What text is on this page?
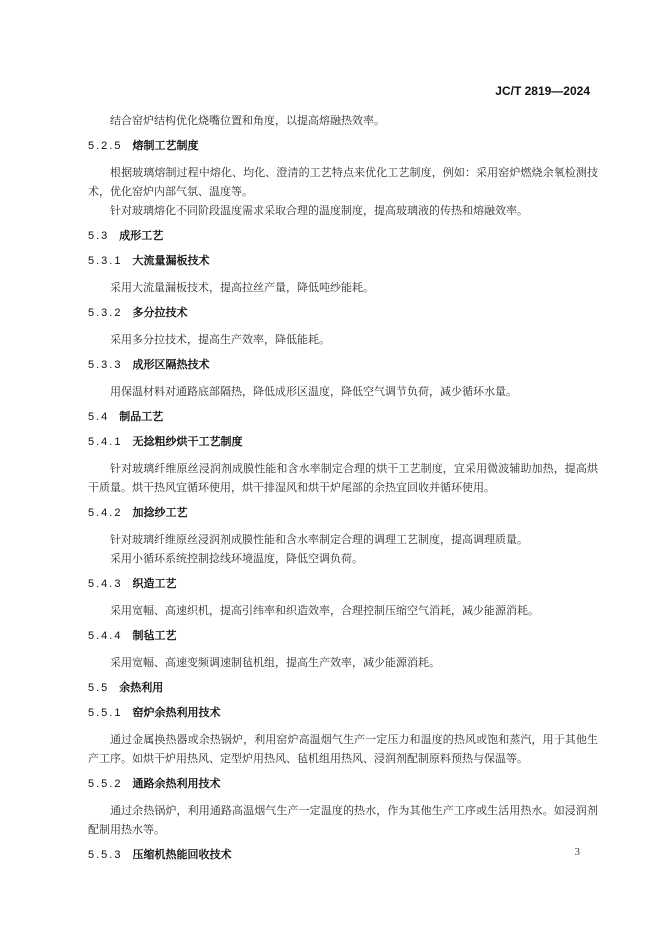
JC/T 2819—2024

结合窑炉结构优化烧嘴位置和角度，以提高熔融热效率。

5.2.5 熔制工艺制度

根据玻璃熔制过程中熔化、均化、澄清的工艺特点来优化工艺制度，例如：采用窑炉燃烧余氧检测技术，优化窑炉内部气氛、温度等。

针对玻璃熔化不同阶段温度需求采取合理的温度制度，提高玻璃液的传热和熔融效率。

5.3 成形工艺
5.3.1 大流量漏板技术

采用大流量漏板技术，提高拉丝产量，降低吨纱能耗。

5.3.2 多分拉技术

采用多分拉技术，提高生产效率，降低能耗。

5.3.3 成形区隔热技术

用保温材料对通路底部隔热，降低成形区温度，降低空气调节负荷，减少循环水量。

5.4 制品工艺
5.4.1 无捻粗纱烘干工艺制度

针对玻璃纤维原丝浸润剂成膜性能和含水率制定合理的烘干工艺制度，宜采用微波辅助加热，提高烘干质量。烘干热风宜循环使用，烘干排湿风和烘干炉尾部的余热宜回收并循环使用。

5.4.2 加捻纱工艺

针对玻璃纤维原丝浸润剂成膜性能和含水率制定合理的调理工艺制度，提高调理质量。

采用小循环系统控制捻线环境温度，降低空调负荷。

5.4.3 织造工艺

采用宽幅、高速织机，提高引纬率和织造效率，合理控制压缩空气消耗，减少能源消耗。

5.4.4 制毡工艺

采用宽幅、高速变频调速制毡机组，提高生产效率，减少能源消耗。

5.5 余热利用
5.5.1 窑炉余热利用技术

通过金属换热器或余热锅炉，利用窑炉高温烟气生产一定压力和温度的热风或饱和蒸汽，用于其他生产工序。如烘干炉用热风、定型炉用热风、毡机组用热风、浸润剂配制原料预热与保温等。

5.5.2 通路余热利用技术

通过余热锅炉，利用通路高温烟气生产一定温度的热水，作为其他生产工序或生活用热水。如浸润剂配制用热水等。

5.5.3 压缩机热能回收技术	3
